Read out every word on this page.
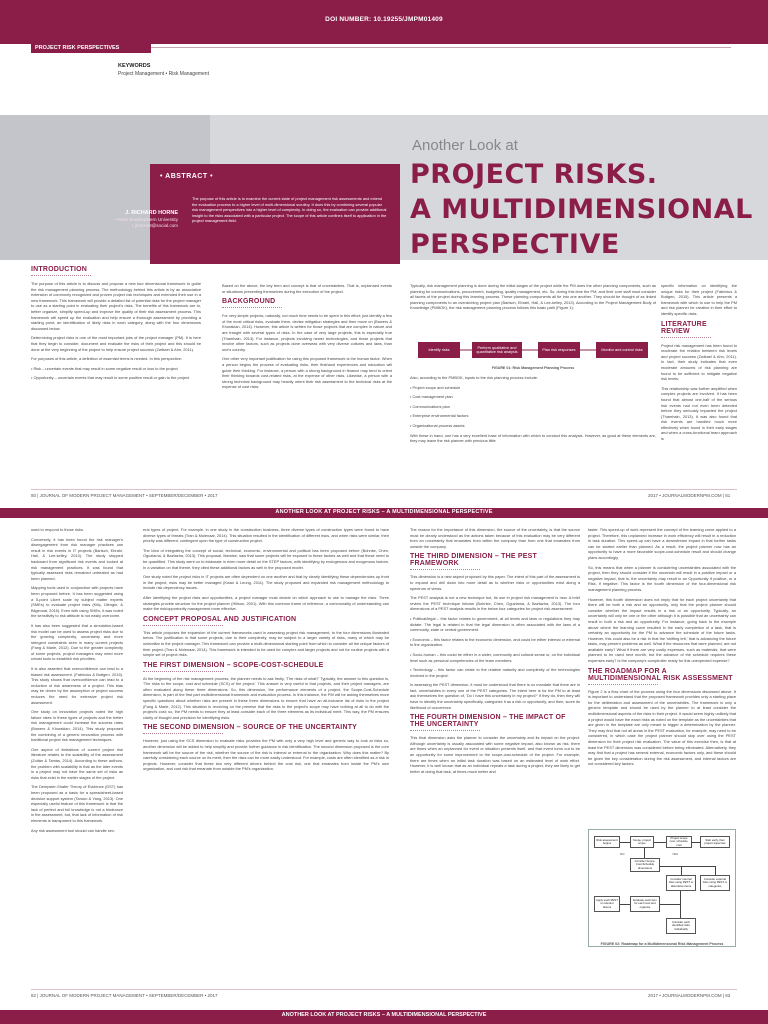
DOI NUMBER: 10.19255/JMPM01409
PROJECT RISK PERSPECTIVES
KEYWORDS
Project Management • Risk Management
Another Look at
PROJECT RISKS.
A MULTIDIMENSIONAL
PERSPECTIVE
• ABSTRACT •
J. RICHARD HORNE
• Nova Southeastern University
• jrhorne9@social.com
The purpose of this article is to examine the current state of project management risk assessments and extend the evaluation process to a higher level of multi-dimensional scrutiny. It does this by combining several popular risk management perspectives into a higher level of complexity. In doing so, the evaluation can provide additional insight to the risks associated with a particular project. The scope of this article confines itself to application in the project management field.
INTRODUCTION

The purpose of this article is to discuss and propose a new four dimensional framework to guide the risk management planning process. The methodology behind this article is by an associative extension of commonly recognized and proven project risk techniques and extended their use in a new framework. This framework will provide a detailed list of potential risks for the project manager to use as a starting point in evaluating their project's risks. The benefits of this framework are to, better organize, simplify speed-up and improve the quality of their risk assessment process. This framework will speed up the evaluation and help ensure a thorough assessment by providing a starting point, an identification of likely risks in each category, along with the four dimensions discussed below.

Determining project risks is one of the most important jobs of the project manager (PM). It is here that they begin to consider, document and evaluate the risks of their project and this should be done at the very beginning of the project to help ensure project success (Zwikael & Ahn, 2011).

For purposes of this article, a definition of essential terms is needed. In this perspective:

• Risk – uncertain events that may result in some negative result or loss to the project

• Opportunity – uncertain events that may result in some positive result or gain to the project

Based on the above, the key term and concept is that of uncertainties. That is, unplanned events or situations presenting themselves during the execution of the project.

BACKGROUND

For very simple projects, naturally, not much time needs to be spent in this effort; just identify a few of the most critical risks, evaluate them, devise mitigation strategies and then move on (Bowers & Khorakian, 2014). However, this article is written for those projects that are complex in nature and are fraught with several types of risks. In the case of very large projects, this is especially true (Thamhain, 2013). For instance, projects involving newer technologies, and those projects that involve other factors, such as projects done overseas with very diverse cultures and laws, than one's country.

One other very important justification for using this proposed framework is the human factor. When a person begins the process of evaluating risks, their firsthand experiences and education will guide their thinking. For instance, a person with a strong background in finance may tend to orient their thinking towards cost-related risks, at the expense of other risks. Likewise, a person with a strong technical background may heavily orient their risk assessment to the technical risks at the expense of cost risks.

Typically, risk management planning is done during the initial stages of the project while the PM does the other planning components, such as planning for communications, procurement, budgeting, quality management, etc. So, during this time the PM, and their core staff must consider all facets of the project during this learning process. These planning components all tie into one another. They should be thought of as linked planning components to an overarching project plan (Bartsch, Ebrahi, Hall, & Lee-kelley, 2013). According to the Project Management Body of Knowledge (PMBOK), the risk management planning process follows this basic path (Figure 1):

Identify risks	Perform qualitative and quantitative risk analysis	Plan risk responses	Monitor and control risks
FIGURE 01: Risk Management Planning Process

Also, according to the PMBOK, inputs to the risk planning process include:

• Project scope and schedule

• Cost management plan

• Communications plan

• Enterprise environmental factors

• Organizational process assets

With these in hand, one has a very excellent base of information with which to conduct this analysis. However, as good at these elements are, they may leave the risk planner with precious little

specific information on identifying the unique risks for their project (Fabricius & Buttgen, 2015). This article presents a framework with which to use to help the PM and risk planner be creative in their effort to identify specific risks.

LITERATURE REVIEW

Project risk management has been found to moderate the relation between risk levels and project success (Zwikael & Ahn, 2011). In fact, their study indicates that even moderate amounts of risk planning are found to be sufficient to mitigate negative risk levels.

This relationship was further amplified when complex projects are involved. It has been found that almost one-half of the serious risk events had not even been detected before they seriously impacted the project (Thamhain, 2013). It was also found that risk events are handled much more effectively when found in their early stages and when a cross-functional team approach is

80 | JOURNAL OF MODERN PROJECT MANAGEMENT • SEPTEMBER/DECEMBER • 2017	2017 • JOURNALMODERNPM.COM | 81
ANOTHER LOOK AT PROJECT RISKS – A MULTIDIMENSIONAL PERSPECTIVE

used to respond to those risks.

Conversely, it has been found the risk manager's disengagement from risk manager practices can result in risk events in IT projects (Bartsch, Ebrahi, Hall, & Lee-kelley, 2013). The study stopped backward from significant risk events and looked at risk management practices. It was found that typically assessed risks remained untreated as had been planned.

Mapping tools used in conjunction with projects have been proposed before. It has been suggested using a 5-point Likert scale by subject matter experts (SMEs) to evaluate project risks (Kiliç, Ülengin, & Bilgenoal, 2015). Even with using SMEs, it was noted the sensitivity to risk attitude is not easily overcome.

It has also been suggested that a simulation-based risk model can be used to assess project risks due to the growing complexity, uncertainty and more stringent constraints seen in many current projects (Fang & Marle, 2012). Due to the greater complexity of some projects, project managers may need more robust tools to establish risk priorities.

It is also asserted that overconfidence can lead to a biased risk assessment. (Fabricius & Buttgen, 2015). This study shows that overconfidence can lead to a reduction of risk awareness of a project. This bias may be driven by the assumption of project success reduces the need for extensive project risk assessment.

One study on innovation projects noted the high failure rates in these types of projects and the better risk management could increase the success rates (Bowers & Khorakian, 2014). This study proposed the combining of a generic innovation process with traditional project risk management techniques.

One aspect of limitations of current project risk literature relates to the scalability of the assessment (Zoltán & Tamás, 2014). According to these authors, the problem with scalability is that as the later events in a project may not have the same set of risks as risks that exist in the earlier stages of the project.

The Dempster-Shafer Theory of Evidence (DST) has been proposed as a basis for a spreadsheet-based decision support system (Taroun & Yang, 2013). One especially useful feature of this framework is that the lack of perfect and full knowledge is not a hindrance in the assessment, but, that lack of information of risk elements is transparent to this framework.

Any risk assessment tool should can handle sev-

eral types of project. For example, in one study in the construction business, three diverse types of construction types were found to have diverse types of threats (Tran & Molenaar, 2014). This situation resulted in the identification of different risks, and when risks were similar, their priority was different, contingent upon the type of construction project.

The idea of integrating the concept of social, technical, economic, environmental and political has been proposed before (Bohnke, Chen, Oguzlama, & Bazfazha, 2013). This proposal, likewise, saw that some projects will be exposed to these factors as well and that these need to be quantified. This study went on to elaborate in even more detail on the STEP factors, with identifying by endogenous and exogenous factors. In a variation on that theme, they cited these additional factors as well in the proposed model.

One study noted the project risks in IT projects are often dependent on one another and that by clearly identifying these dependencies up front in the project, risks may be better managed (Kwan & Leung, 2011). The study proposed and expanded risk management methodology to include risk dependency issues.

After identifying the project risks and opportunities, a project manager must decide on which approach to use to manage the risks. Three strategies provide structure for the project planner (Hillson, 2001). With this common frame of reference, a commonality of understanding can make the risk/opportunity management more effective.

CONCEPT PROPOSAL AND JUSTIFICATION

This article proposes the expansion of the current frameworks used in assessing project risk management, to the four dimensions illustrated below. The justification is that some projects, due to their complexity, may be subject to a larger variety of risks, many of which may be unfamiliar to the project manager. This framework can provide a multi-dimensional starting point from which to consider all the unique factors of their project (Tran & Molenaar, 2014). This framework is intended to be used for complex and larger projects and not for routine projects with a simple set of project risks.

THE FIRST DIMENSION – SCOPE-COST-SCHEDULE

At the beginning of the risk management process, the planner needs to ask firstly, 'The risks of what?' Typically, the answer to this question is, 'The risks to the scope, cost and schedule (SCS) of the project.' This answer is very useful in that projects, and their project managers, are often evaluated along these three dimensions. So, this dimension, the performance elements of a project, the Scope-Cost-Schedule dimension, is part of the first part multidimensional framework and evaluation process. In this instance, the PM will be asking themselves more specific questions about whether risks are present in these three dimensions to ensure that have an all-inclusive list of risks to the project (Fang & Marle, 2012). This situation is revolving on the premise that the risks to the project's scope may have nothing at all to do with the project's cost; so, the PM needs to ensure they at least consider each of the three elements as its individual merit. This way, the PM ensures clarity of thought and precision for identifying risks.

THE SECOND DIMENSION – SOURCE OF THE UNCERTAINTY

However, just using the SCS dimension to evaluate risks provides the PM with only a very high level and generic way to look at risks so, another dimension will be added to help simplify and provide further guidance in risk identification. The second dimension proposed is the core framework will be the source of the risk, whether the source of the risk is internal or external to the organization. Why does this matter? By carefully considering each source on its merit, then the risks can be more easily understood. For example, costs are often identified as a risk in projects. However, consider that these two very different drivers behind the cost risk, one that emanates from inside the PM's own organization, and cost risk that emanate from outside the PM's organization.

The reason for the importance of this dimension, the source of the uncertainty, is that the source must be clearly understood as the actions taken because of this evaluation may be very different from an uncertainty that emanates from within the company than from one that emanates from outside the company.

THE THIRD DIMENSION – THE PEST FRAMEWORK

This dimension is a new aspect proposed by this paper. The intent of this part of the assessment is to expand and drill down into more detail as to whether risks or opportunities exist along a spectrum of views.

The PEST analysis is not a new technique but, its use in project risk management is new. A brief review the PEST technique follows (Bohnke, Chen, Oguzlama, & Bazfazha, 2013). The four dimensions of a PEST analysis results in the below four categories for project risk assessment:

• Political/legal – this factor relates to government, at all levels and laws or regulations they may dictate. The legal is related in that the legal dimension is often associated with the laws of a community, state or central government.

• Economic – this factor relates to the economic dimension, and could be either internal or external to the organization.

• Socio-human – this could be either in a wider, community and cultural sense or, on the individual level such as personal competencies of the team members.

• Technology – this factor can relate to the relative maturity and complexity of the technologies involved in the project.

In assessing the PEST dimension, it must be understood that there is no mandate that there are in fact, uncertainties in every one of the PEST categories. The intent here is for the PM to at least ask themselves the question of, 'Do I have this uncertainty in my project?' If they do, then they will have to identify the uncertainty specifically, categorize it as a risk or opportunity, and then, score its likelihood of occurrence.

THE FOURTH DIMENSION – THE IMPACT OF THE UNCERTAINTY

This final dimension asks the planner to consider the uncertainty and its impact on the project. Although uncertainty is usually associated with some negative impact, also known as risk, there are times when an unplanned for event or situation presents itself, and that event turns out to be an opportunity for some improvement to the scope-cost-schedule of the project. For example, there are times when an initial task duration was based on an estimated level of work effort. However, it is well known that as an individual repeats a task during a project, they are likely to get better at doing that task, at times much better and

faster. This speed-up of work represent the concept of the learning curve applied to a project. Therefore, this unplanned increase in work efficiency will result in a reduction in task duration. This speed-up can have a downstream impact in that further tasks can be started earlier than planned. As a result, the project planner now has an opportunity to have a more favorable scope-cost-schedule result and should change plans accordingly.

So, this means that when a planner is considering uncertainties associated with the project, then they should consider if the uncertain will result in a positive impact or a negative impact, that is, the uncertainty may result in an Opportunity if positive, or a Risk, if negative. This factor is the fourth dimension of the four-dimensional risk management planning process.

However, this fourth dimension does not imply that for each project uncertainty that there will be both a risk and an opportunity, only that the project planner should consider whether the impact results in a risk or an opportunity. Typically, an uncertainty will only be one or the other although it is possible that an uncertainty can result in both a risk and an opportunity. For instance, going back to the example above where the learning curve resulted in the early completion of a task, that is certainly an opportunity for the PM to advance the schedule of the future tasks. However, this could also be a risk in that the 'shifting left,' that is advancing the future tasks, may present problems as well. What if the resources that were planned, are not available early? What if there are very costly expenses, such as materials, that were planned to be used next month, but the advance of the schedule requires these expenses early? Is the company's comptroller ready for this unexpected expense?

THE ROADMAP FOR A MULTIDIMENSIONAL RISK ASSESSMENT

Figure 2 is a flow chart of the process using the four dimensions discussed above. It is important to understand that the proposed framework provides only a starting place for the deliberation and assessment of the uncertainties. The framework is only a generic template and should be used by the planner to at least consider the multidimensional aspects of the risks in their project. It would seem highly unlikely that a project would have the exact risks as noted on the template as the uncertainties that are given in the template are only meant to trigger a determination by the planner. They may find that not all areas in the PEST evaluation, for example, may need to be considered, in which case the project planner should skip over using the PEST dimension for their project risk evaluation. The value of this exercise then, is that at least the PEST dimension was considered before being eliminated. Alternatively, they may find that a project has several external, economic factors only, and these should be given the key consideration during the risk assessment, and internal factors are not considered key factors.

Risk assessment begins
Scope, project scope
Project scope cost, schedule, cost
Start early, then project supervise
Consider Scope-Cost-Schedule dimensions
Consider internal risks using PEST or alternative items
Consider external risks using PEST or categories
Apply each PEST to relevant factors
Evaluate each item for each cost and organize
Consider each identified risks individually
YES
NO
FIGURE 02: Roadmap for a Multidimensional Risk Management Process
82 | JOURNAL OF MODERN PROJECT MANAGEMENT • SEPTEMBER/DECEMBER • 2017	2017 • JOURNALMODERNPM.COM | 83
ANOTHER LOOK AT PROJECT RISKS – A MULTIDIMENSIONAL PERSPECTIVE
